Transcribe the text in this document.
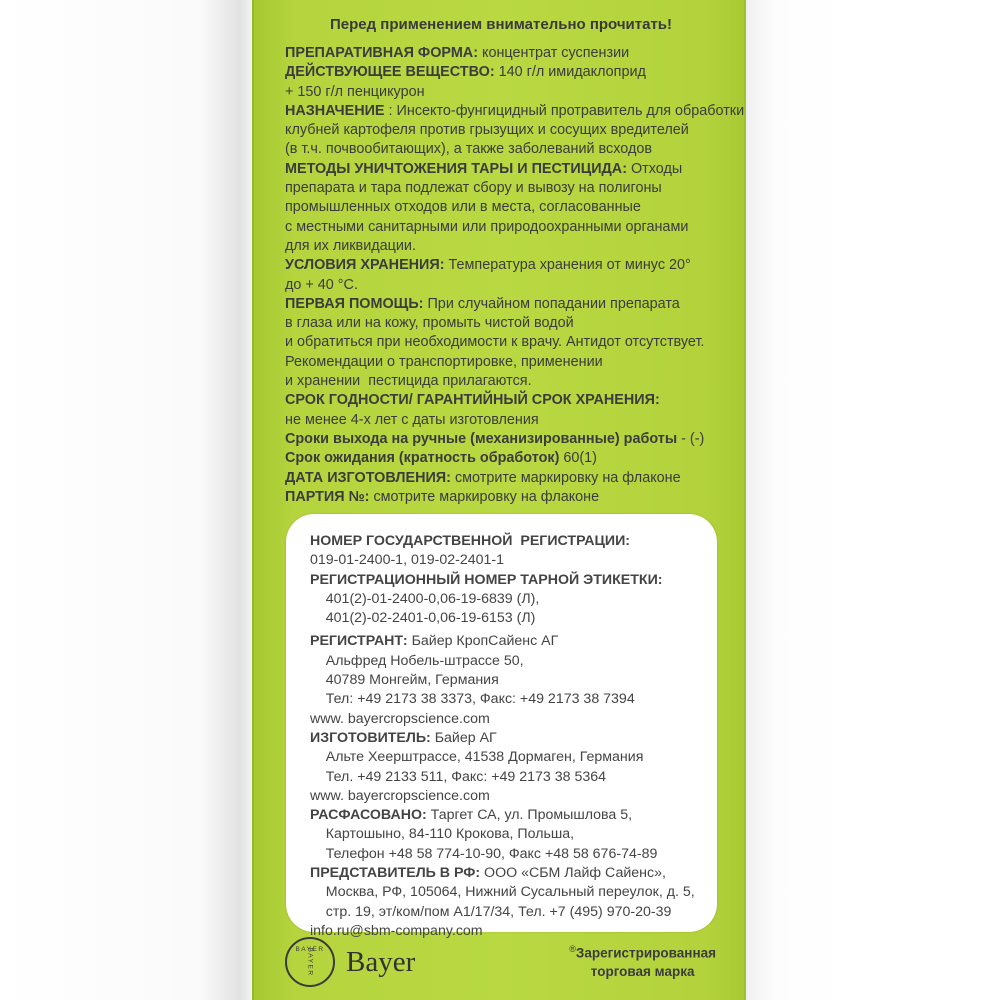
Перед применением внимательно прочитать!
ПРЕПАРАТИВНАЯ ФОРМА: концентрат суспензии
ДЕЙСТВУЮЩЕЕ ВЕЩЕСТВО: 140 г/л имидаклоприд
+ 150 г/л пенцикурон
НАЗНАЧЕНИЕ : Инсекто-фунгицидный протравитель для обработки
клубней картофеля против грызущих и сосущих вредителей
(в т.ч. почвообитающих), а также заболеваний всходов
МЕТОДЫ УНИЧТОЖЕНИЯ ТАРЫ И ПЕСТИЦИДА: Отходы
препарата и тара подлежат сбору и вывозу на полигоны
промышленных отходов или в места, согласованные
с местными санитарными или природоохранными органами
для их ликвидации.
УСЛОВИЯ ХРАНЕНИЯ: Температура хранения от минус 20°
до + 40 °С.
ПЕРВАЯ ПОМОЩЬ: При случайном попадании препарата
в глаза или на кожу, промыть чистой водой
и обратиться при необходимости к врачу. Антидот отсутствует.
Рекомендации о транспортировке, применении
и хранении  пестицида прилагаются.
СРОК ГОДНОСТИ/ ГАРАНТИЙНЫЙ СРОК ХРАНЕНИЯ:
не менее 4-х лет с даты изготовления
Сроки выхода на ручные (механизированные) работы - (-)
Срок ожидания (кратность обработок) 60(1)
ДАТА ИЗГОТОВЛЕНИЯ: смотрите маркировку на флаконе
ПАРТИЯ №: смотрите маркировку на флаконе
НОМЕР ГОСУДАРСТВЕННОЙ  РЕГИСТРАЦИИ:
019-01-2400-1, 019-02-2401-1
РЕГИСТРАЦИОННЫЙ НОМЕР ТАРНОЙ ЭТИКЕТКИ:
401(2)-01-2400-0,06-19-6839 (Л),
401(2)-02-2401-0,06-19-6153 (Л)
РЕГИСТРАНТ: Байер КропСайенс АГ
Альфред Нобель-штрассе 50,
40789 Монгейм, Германия
Тел: +49 2173 38 3373, Факс: +49 2173 38 7394
www. bayercropscience.com
ИЗГОТОВИТЕЛЬ: Байер АГ
Альте Хеерштрассе, 41538 Дормаген, Германия
Тел. +49 2133 511, Факс: +49 2173 38 5364
www. bayercropscience.com
РАСФАСОВАНО: Таргет СА, ул. Промышлова 5,
Картошыно, 84-110 Крокова, Польша,
Телефон +48 58 774-10-90, Факс +48 58 676-74-89
ПРЕДСТАВИТЕЛЬ В РФ: ООО «СБМ Лайф Сайенс»,
Москва, РФ, 105064, Нижний Сусальный переулок, д. 5,
стр. 19, эт/ком/пом А1/17/34, Тел. +7 (495) 970-20-39
info.ru@sbm-company.com
BAYER
BAYER Bayer	®Зарегистрированная
торговая марка
